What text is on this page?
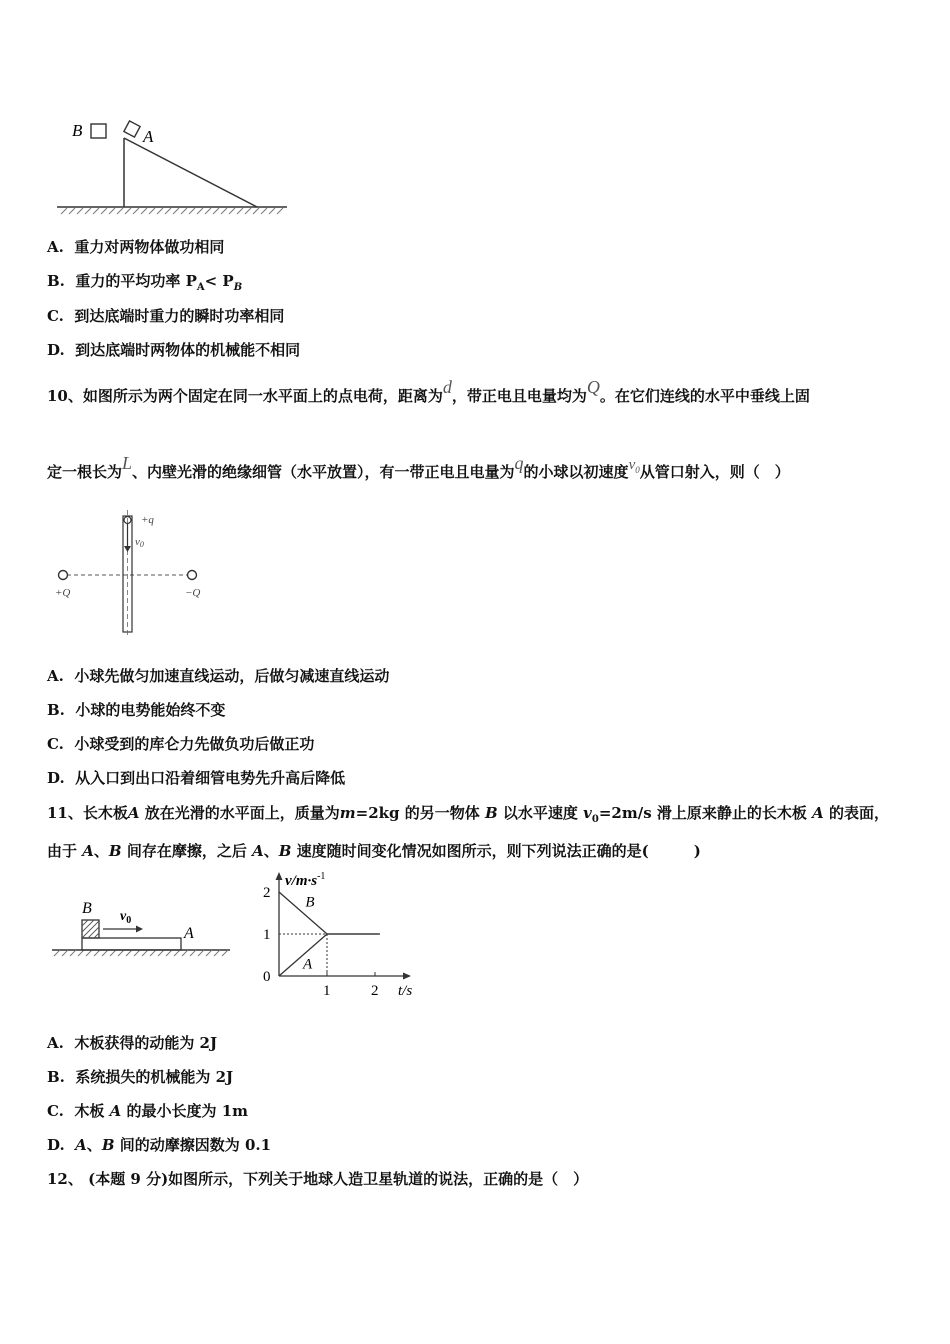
B	A
A. 重力对两物体做功相同
B. 重力的平均功率 $P_A< P_B$
C. 到达底端时重力的瞬时功率相同
D. 到达底端时两物体的机械能不相同
10、如图所示为两个固定在同一水平面上的点电荷，距离为d，带正电且电量均为Q。在它们连线的水平中垂线上固
定一根长为L、内壁光滑的绝缘细管（水平放置），有一带正电且电量为q的小球以初速度$v_0$从管口射入，则（　）
+q
v0
+Q	−Q
A. 小球先做匀加速直线运动，后做匀减速直线运动
B. 小球的电势能始终不变
C. 小球受到的库仑力先做负功后做正功
D. 从入口到出口沿着细管电势先升高后降低
11、长木板A 放在光滑的水平面上，质量为m=2kg 的另一物体 B 以水平速度 $v_0=2m/s$ 滑上原来静止的长木板 A 的表面，
由于 A、B 间存在摩擦，之后 A、B 速度随时间变化情况如图所示，则下列说法正确的是(　　　)
B $v_0$
A
$v/m\cdot s^{-1}$
t/s
0
1
2
1	2
B
A
A. 木板获得的动能为 2J
B. 系统损失的机械能为 2J
C. 木板 A 的最小长度为 1m
D. A、B 间的动摩擦因数为 0.1
12、 (本题 9 分)如图所示，下列关于地球人造卫星轨道的说法，正确的是（　）
